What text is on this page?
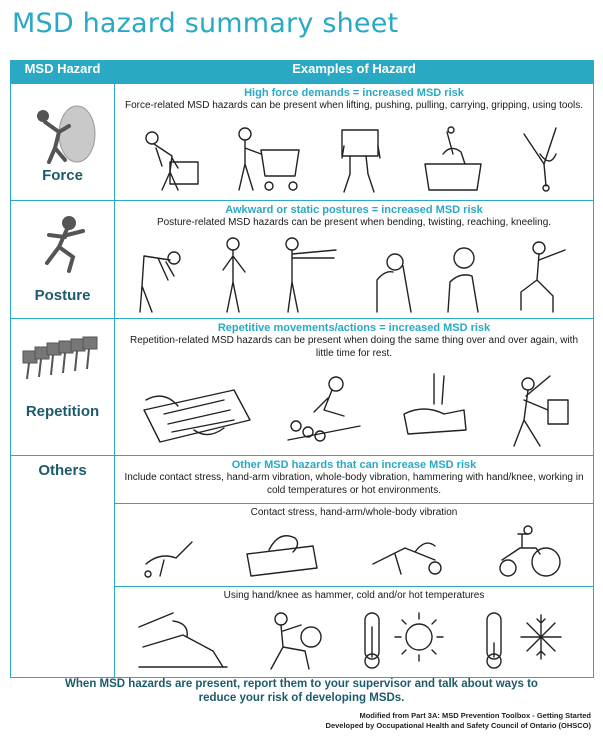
MSD hazard summary sheet
MSD Hazard	Examples of Hazard

Force	High force demands = increased MSD risk
Force-related MSD hazards can be present when lifting, pushing, pulling, carrying, gripping, using tools.

Posture	Awkward or static postures = increased MSD risk
Posture-related MSD hazards can be present when bending, twisting, reaching, kneeling.

Repetition	Repetitive movements/actions = increased MSD risk
Repetition-related MSD hazards can be present when doing the same thing over and over again, with little time for rest.

Others	Other MSD hazards that can increase MSD risk
Include contact stress, hand-arm vibration, whole-body vibration, hammering with hand/knee, working in cold temperatures or hot environments.
Contact stress, hand-arm/whole-body vibration
Using hand/knee as hammer, cold and/or hot temperatures
When MSD hazards are present, report them to your supervisor and talk about ways to
reduce your risk of developing MSDs.
Modified from Part 3A: MSD Prevention Toolbox - Getting Started
Developed by Occupational Health and Safety Council of Ontario (OHSCO)
